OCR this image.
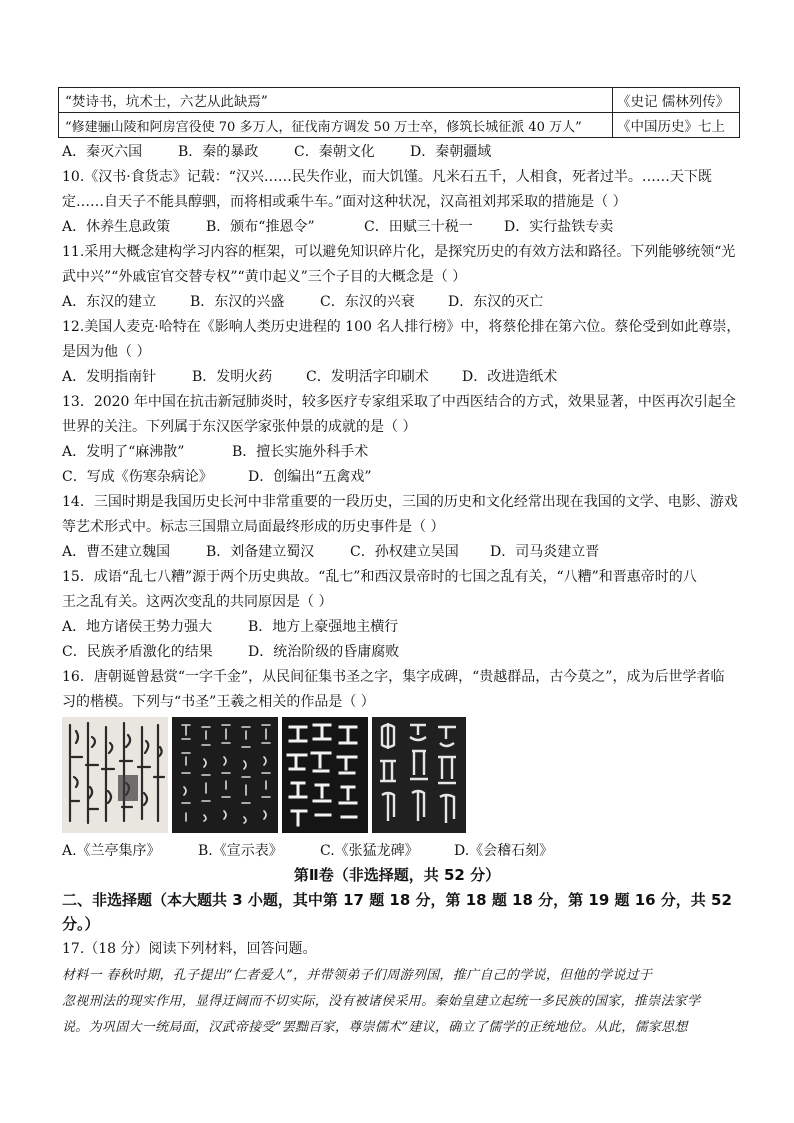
“焚诗书，坑术士，六艺从此缺焉”	《史记 儒林列传》
“修建骊山陵和阿房宫役使 70 多万人，征伐南方调发 50 万士卒，修筑长城征派 40 万人”	《中国历史》七上
A．秦灭六国	B．秦的暴政	C．秦朝文化	D．秦朝疆域
10.《汉书·食货志》记载：“汉兴……民失作业，而大饥馑。凡米石五千，人相食，死者过半。……天下既
定……自天子不能具醇驷，而将相或乘牛车。”面对这种状况，汉高祖刘邦采取的措施是（ ）
A．休养生息政策	B．颁布“推恩令”	C．田赋三十税一 D．实行盐铁专卖
11.采用大概念建构学习内容的框架，可以避免知识碎片化，是探究历史的有效方法和路径。下列能够统领“光
武中兴”“外戚宦官交替专权”“黄巾起义”三个子目的大概念是（ ）
A．东汉的建立 B．东汉的兴盛	C．东汉的兴衰 D．东汉的灭亡
12.美国人麦克·哈特在《影响人类历史进程的 100 名人排行榜》中，将蔡伦排在第六位。蔡伦受到如此尊崇，
是因为他（ ）
A．发明指南针	B．发明火药 C．发明活字印刷术 D．改进造纸术
13．2020 年中国在抗击新冠肺炎时，较多医疗专家组采取了中西医结合的方式，效果显著，中医再次引起全
世界的关注。下列属于东汉医学家张仲景的成就的是（ ）
A．发明了“麻沸散”	B．擅长实施外科手术
C．写成《伤寒杂病论》	D．创编出“五禽戏”
14．三国时期是我国历史长河中非常重要的一段历史，三国的历史和文化经常出现在我国的文学、电影、游戏
等艺术形式中。标志三国鼎立局面最终形成的历史事件是（ ）
A．曹丕建立魏国	B．刘备建立蜀汉	C．孙权建立吴国 D．司马炎建立晋
15．成语“乱七八糟”源于两个历史典故。“乱七”和西汉景帝时的七国之乱有关，“八糟”和晋惠帝时的八
王之乱有关。这两次变乱的共同原因是（ ）
A．地方诸侯王势力强大	B．地方上豪强地主横行
C．民族矛盾激化的结果	D．统治阶级的昏庸腐败
16．唐朝诞曾悬赏“一字千金”，从民间征集书圣之字，集字成碑，“贵越群品，古今莫之”，成为后世学者临
习的楷模。下列与“书圣”王羲之相关的作品是（ ）
A.《兰亭集序》	B.《宣示表》	C.《张猛龙碑》	D.《会稽石刻》
第Ⅱ卷（非选择题，共 52 分）
二、非选择题（本大题共 3 小题，其中第 17 题 18 分，第 18 题 18 分，第 19 题 16 分，共 52
分。）
17.（18 分）阅读下列材料，回答问题。
材料一 春秋时期，孔子提出“仁者爱人”，并带领弟子们周游列国，推广自己的学说，但他的学说过于
忽视刑法的现实作用，显得迂阔而不切实际，没有被诸侯采用。秦始皇建立起统一多民族的国家，推崇法家学
说。为巩固大一统局面，汉武帝接受“罢黜百家，尊崇儒术”建议，确立了儒学的正统地位。从此，儒家思想
